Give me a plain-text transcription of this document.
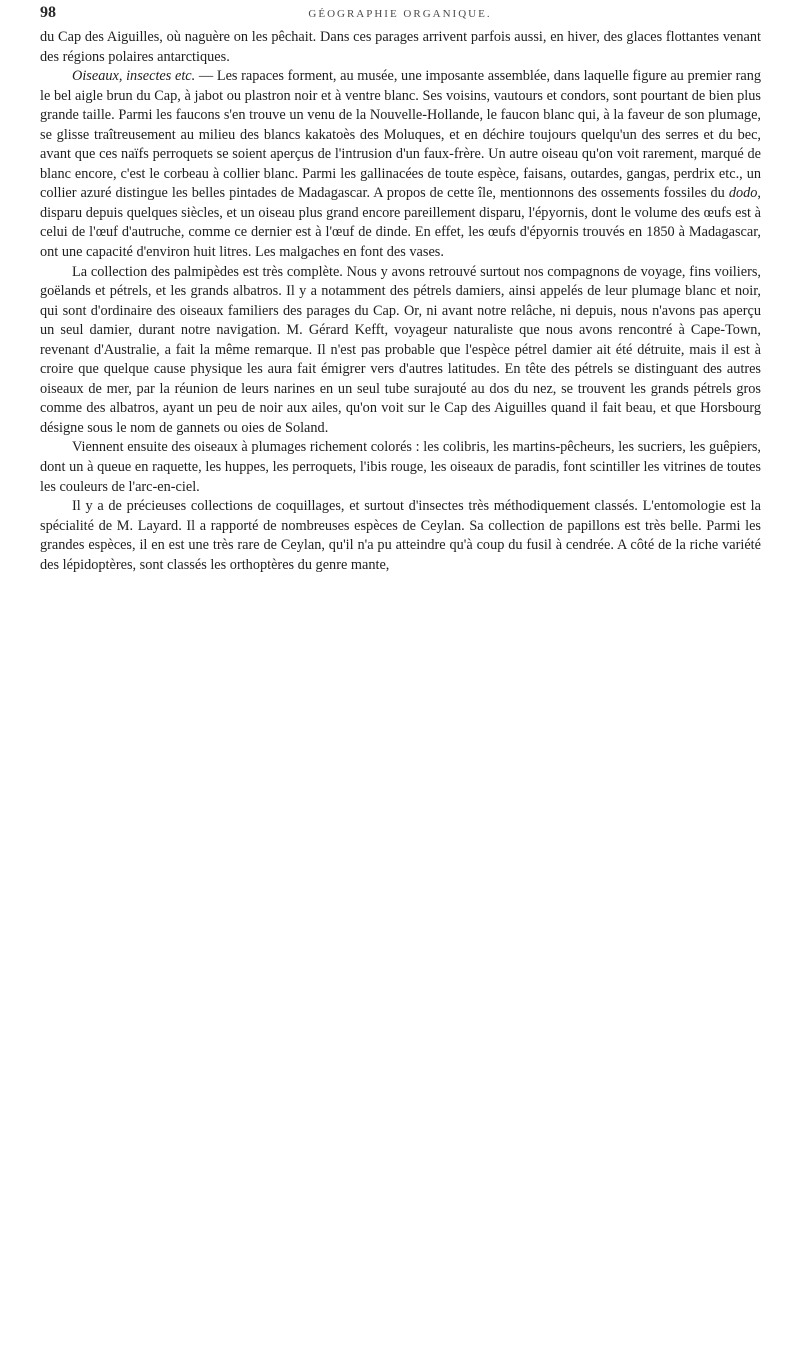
98	GÉOGRAPHIE ORGANIQUE.

du Cap des Aiguilles, où naguère on les pêchait. Dans ces parages arrivent parfois aussi, en hiver, des glaces flottantes venant des régions polaires antarctiques.

Oiseaux, insectes etc. — Les rapaces forment, au musée, une imposante assemblée, dans laquelle figure au premier rang le bel aigle brun du Cap, à jabot ou plastron noir et à ventre blanc. Ses voisins, vautours et condors, sont pourtant de bien plus grande taille. Parmi les faucons s'en trouve un venu de la Nouvelle-Hollande, le faucon blanc qui, à la faveur de son plumage, se glisse traîtreusement au milieu des blancs kakatoès des Moluques, et en déchire toujours quelqu'un des serres et du bec, avant que ces naïfs perroquets se soient aperçus de l'intrusion d'un faux-frère. Un autre oiseau qu'on voit rarement, marqué de blanc encore, c'est le corbeau à collier blanc. Parmi les gallinacées de toute espèce, faisans, outardes, gangas, perdrix etc., un collier azuré distingue les belles pintades de Madagascar. A propos de cette île, mentionnons des ossements fossiles du dodo, disparu depuis quelques siècles, et un oiseau plus grand encore pareillement disparu, l'épyornis, dont le volume des œufs est à celui de l'œuf d'autruche, comme ce dernier est à l'œuf de dinde. En effet, les œufs d'épyornis trouvés en 1850 à Madagascar, ont une capacité d'environ huit litres. Les malgaches en font des vases.

La collection des palmipèdes est très complète. Nous y avons retrouvé surtout nos compagnons de voyage, fins voiliers, goëlands et pétrels, et les grands albatros. Il y a notamment des pétrels damiers, ainsi appelés de leur plumage blanc et noir, qui sont d'ordinaire des oiseaux familiers des parages du Cap. Or, ni avant notre relâche, ni depuis, nous n'avons pas aperçu un seul damier, durant notre navigation. M. Gérard Kefft, voyageur naturaliste que nous avons rencontré à Cape-Town, revenant d'Australie, a fait la même remarque. Il n'est pas probable que l'espèce pétrel damier ait été détruite, mais il est à croire que quelque cause physique les aura fait émigrer vers d'autres latitudes. En tête des pétrels se distinguant des autres oiseaux de mer, par la réunion de leurs narines en un seul tube surajouté au dos du nez, se trouvent les grands pétrels gros comme des albatros, ayant un peu de noir aux ailes, qu'on voit sur le Cap des Aiguilles quand il fait beau, et que Horsbourg désigne sous le nom de gannets ou oies de Soland.

Viennent ensuite des oiseaux à plumages richement colorés : les colibris, les martins-pêcheurs, les sucriers, les guêpiers, dont un à queue en raquette, les huppes, les perroquets, l'ibis rouge, les oiseaux de paradis, font scintiller les vitrines de toutes les couleurs de l'arc-en-ciel.

Il y a de précieuses collections de coquillages, et surtout d'insectes très méthodiquement classés. L'entomologie est la spécialité de M. Layard. Il a rapporté de nombreuses espèces de Ceylan. Sa collection de papillons est très belle. Parmi les grandes espèces, il en est une très rare de Ceylan, qu'il n'a pu atteindre qu'à coup du fusil à cendrée. A côté de la riche variété des lépidoptères, sont classés les orthoptères du genre mante,
